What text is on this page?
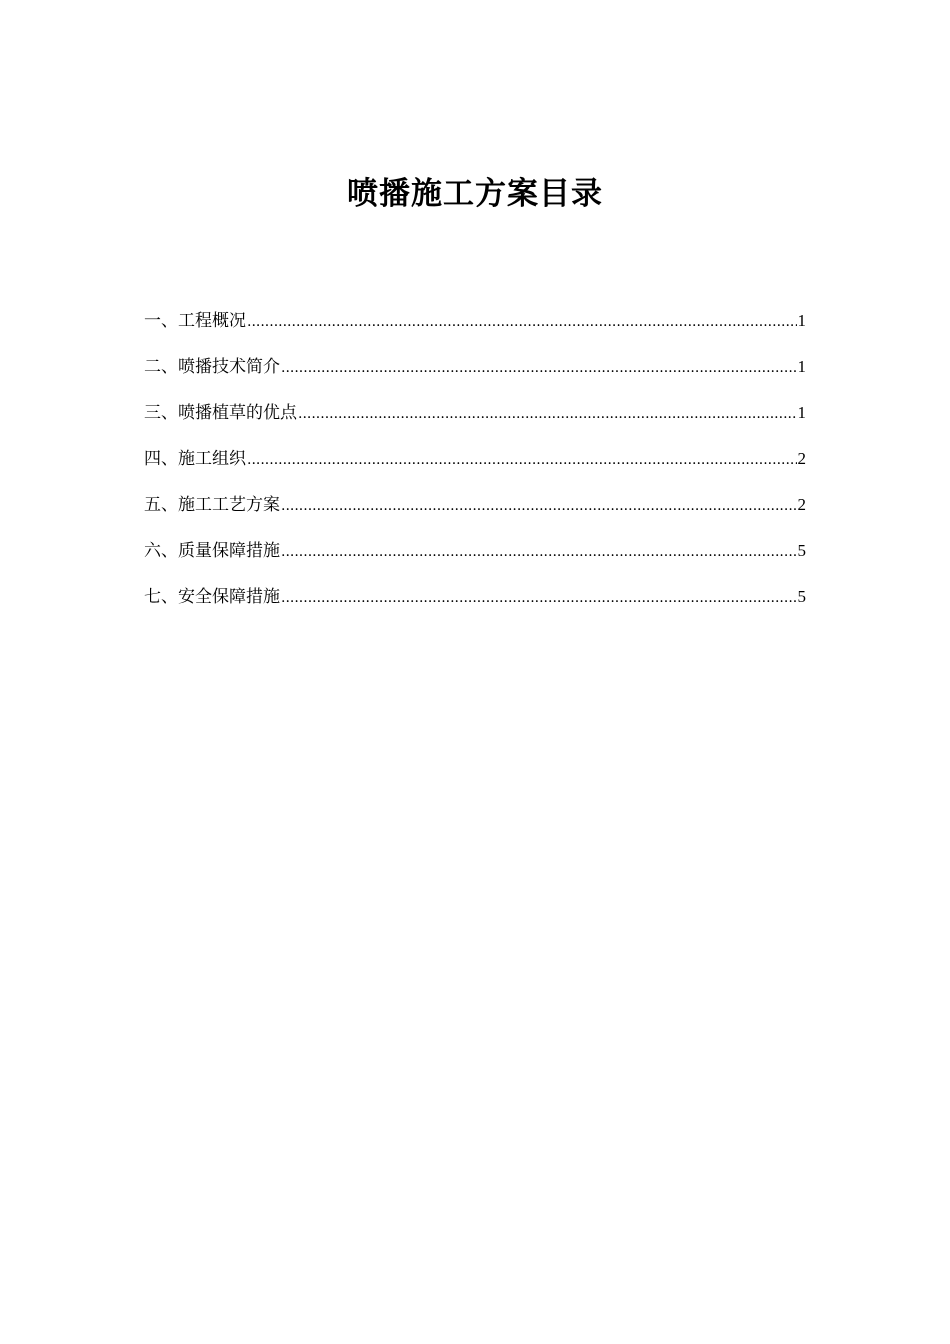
喷播施工方案目录
一、工程概况 .....	1
二、喷播技术简介 .....	1
三、喷播植草的优点 .....	1
四、施工组织 .....	2
五、施工工艺方案 .....	2
六、质量保障措施 .....	5
七、安全保障措施 .....	5
